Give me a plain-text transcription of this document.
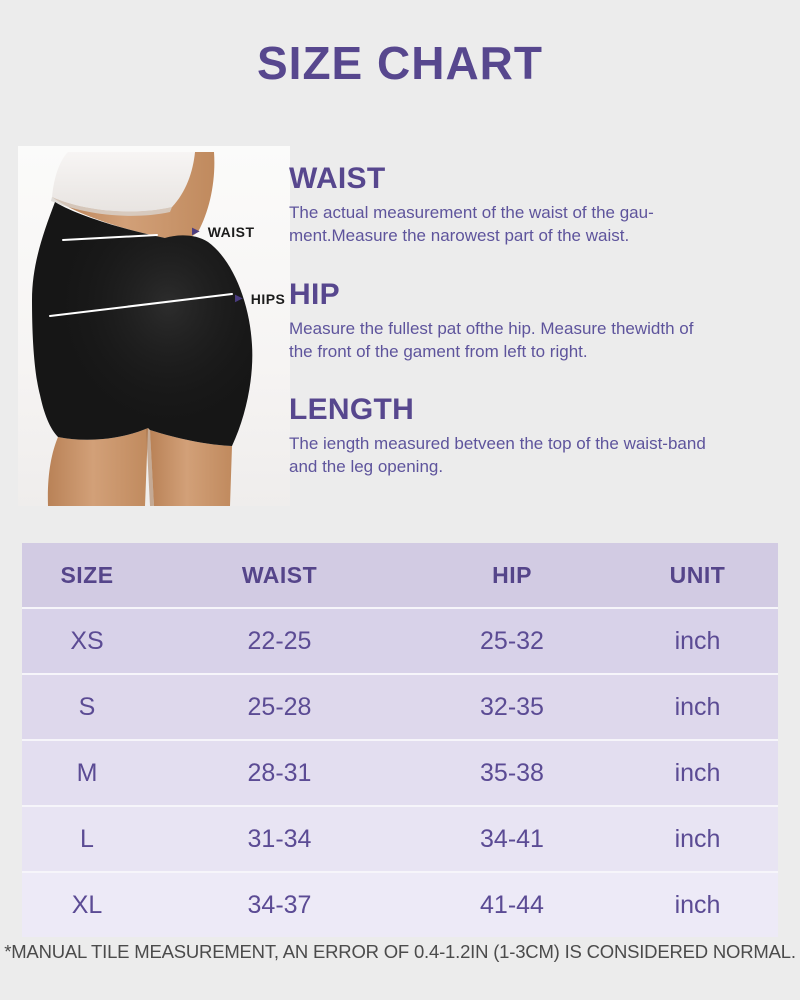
SIZE CHART
▶ WAIST
▶ HIPS
WAIST
The actual measurement of the waist of the gau-
ment.Measure the narowest part of the waist.
HIP
Measure the fullest pat ofthe hip. Measure thewidth of
the front of the gament from left to right.
LENGTH
The iength measured betveen the top of the waist-band
and the leg opening.
SIZE	WAIST	HIP	UNIT
XS	22-25	25-32	inch
S	25-28	32-35	inch
M	28-31	35-38	inch
L	31-34	34-41	inch
XL	34-37	41-44	inch
*MANUAL TILE MEASUREMENT, AN ERROR OF 0.4-1.2IN (1-3CM) IS CONSIDERED NORMAL.
